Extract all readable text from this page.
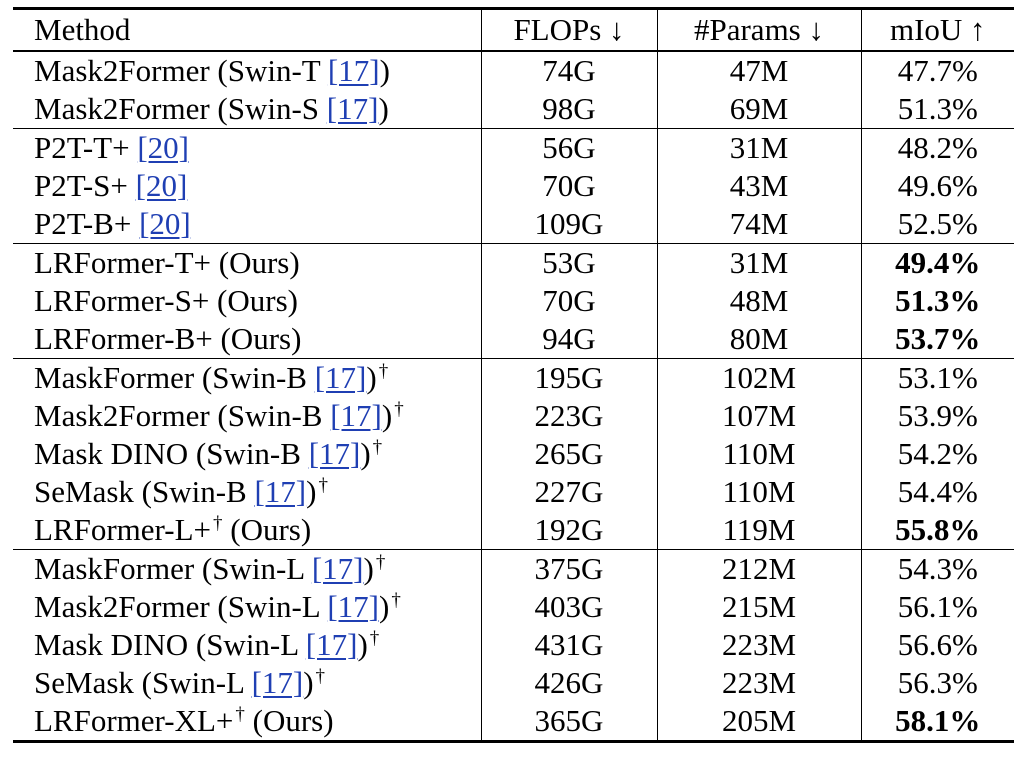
Method	FLOPs ↓	#Params ↓	mIoU ↑
Mask2Former (Swin-T [17])	74G	47M	47.7%
Mask2Former (Swin-S [17])	98G	69M	51.3%
P2T-T+ [20]	56G	31M	48.2%
P2T-S+ [20]	70G	43M	49.6%
P2T-B+ [20]	109G	74M	52.5%
LRFormer-T+ (Ours)	53G	31M	49.4%
LRFormer-S+ (Ours)	70G	48M	51.3%
LRFormer-B+ (Ours)	94G	80M	53.7%
MaskFormer (Swin-B [17]) †	195G	102M	53.1%
Mask2Former (Swin-B [17]) †	223G	107M	53.9%
Mask DINO (Swin-B [17]) †	265G	110M	54.2%
SeMask (Swin-B [17]) †	227G	110M	54.4%
LRFormer-L+ † (Ours)	192G	119M	55.8%
MaskFormer (Swin-L [17]) †	375G	212M	54.3%
Mask2Former (Swin-L [17]) †	403G	215M	56.1%
Mask DINO (Swin-L [17]) †	431G	223M	56.6%
SeMask (Swin-L [17]) †	426G	223M	56.3%
LRFormer-XL+ † (Ours)	365G	205M	58.1%
